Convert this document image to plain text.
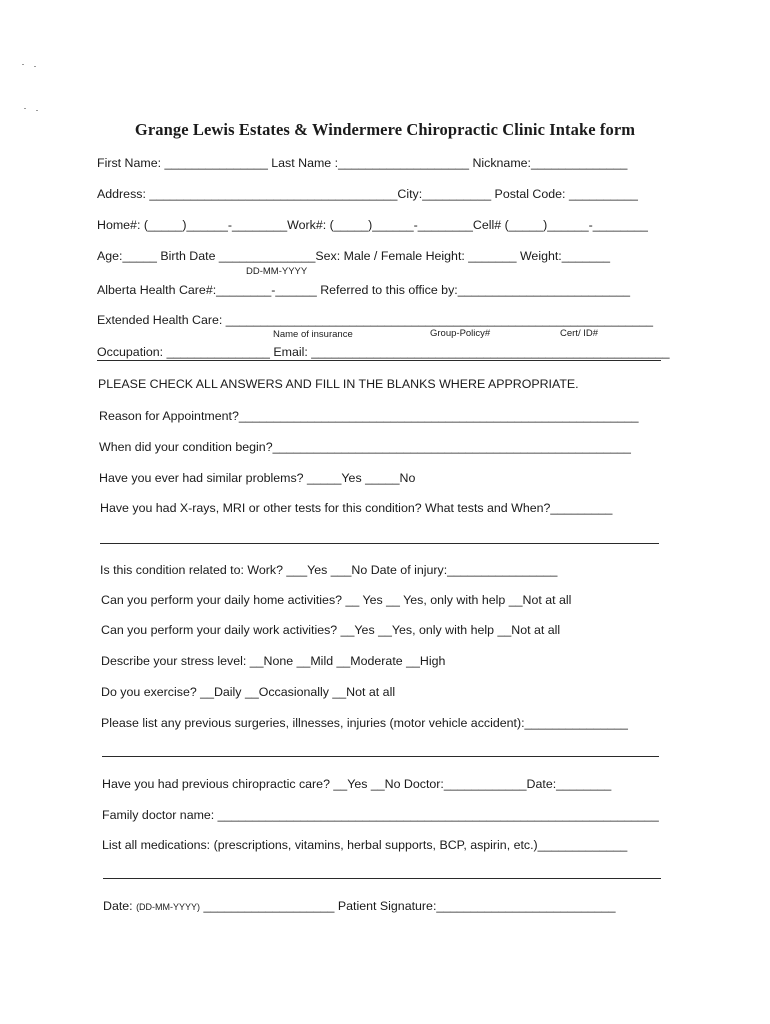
Grange Lewis Estates & Windermere Chiropractic Clinic Intake form
First Name: _______________ Last Name :___________________ Nickname:______________
Address: ____________________________________City:__________ Postal Code: __________
Home#: (_____)______-________Work#: (_____)______-________Cell# (_____)______-________
Age:_____ Birth Date ______________Sex: Male / Female Height: _______ Weight:_______
DD-MM-YYYY
Alberta Health Care#:________-______ Referred to this office by:_________________________
Extended Health Care: ______________________________________________________________
Name of insurance	Group-Policy#	Cert/ ID#
Occupation: _______________ Email: ____________________________________________________
PLEASE CHECK ALL ANSWERS AND FILL IN THE BLANKS WHERE APPROPRIATE.
Reason for Appointment?__________________________________________________________
When did your condition begin?____________________________________________________
Have you ever had similar problems? _____Yes _____No
Have you had X-rays, MRI or other tests for this condition? What tests and When?_________
Is this condition related to: Work? ___Yes ___No Date of injury:________________
Can you perform your daily home activities? __ Yes __ Yes, only with help __Not at all
Can you perform your daily work activities? __Yes __Yes, only with help __Not at all
Describe your stress level: __None __Mild __Moderate __High
Do you exercise? __Daily __Occasionally __Not at all
Please list any previous surgeries, illnesses, injuries (motor vehicle accident):_______________
Have you had previous chiropractic care? __Yes __No Doctor:____________Date:________
Family doctor name: ________________________________________________________________
List all medications: (prescriptions, vitamins, herbal supports, BCP, aspirin, etc.)_____________
Date: (DD-MM-YYYY) ___________________ Patient Signature:__________________________
